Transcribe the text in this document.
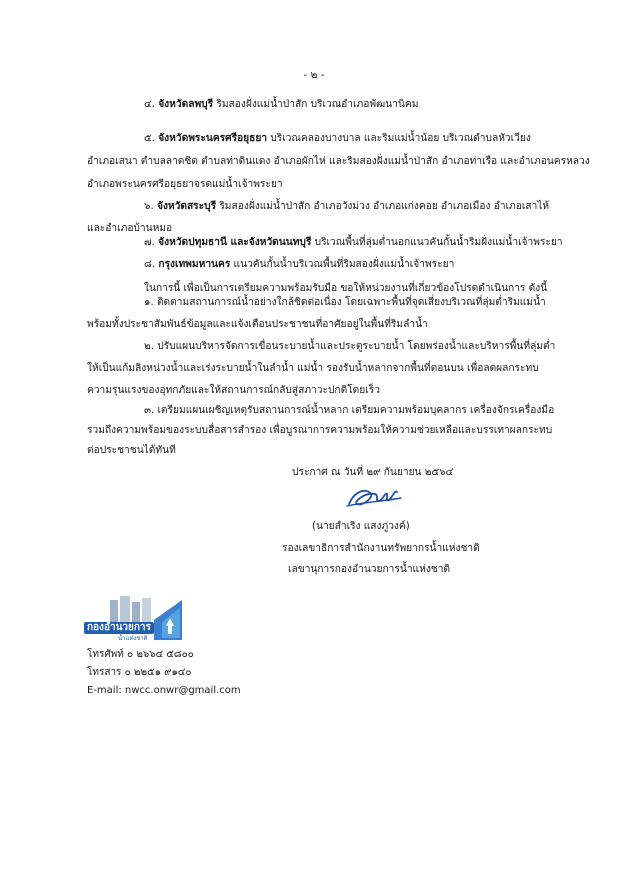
- ๒ -
๔. จังหวัดลพบุรี ริมสองฝั่งแม่น้ำป่าสัก บริเวณอำเภอพัฒนานิคม
๕. จังหวัดพระนครศรีอยุธยา บริเวณคลองบางบาล และริมแม่น้ำน้อย บริเวณตำบลหัวเวียง
อำเภอเสนา ตำบลลาดชิด ตำบลท่าดินแดง อำเภอผักไห่ และริมสองฝั่งแม่น้ำป่าสัก อำเภอท่าเรือ และอำเภอนครหลวง
อำเภอพระนครศรีอยุธยาจรดแม่น้ำเจ้าพระยา
๖. จังหวัดสระบุรี ริมสองฝั่งแม่น้ำป่าสัก อำเภอวังม่วง อำเภอแก่งคอย อำเภอเมือง อำเภอเสาไห้
และอำเภอบ้านหมอ
๗. จังหวัดปทุมธานี และจังหวัดนนทบุรี บริเวณพื้นที่ลุ่มต่ำนอกแนวคันกั้นน้ำริมฝั่งแม่น้ำเจ้าพระยา
๘. กรุงเทพมหานคร แนวคันกั้นน้ำบริเวณพื้นที่ริมสองฝั่งแม่น้ำเจ้าพระยา
ในการนี้ เพื่อเป็นการเตรียมความพร้อมรับมือ ขอให้หน่วยงานที่เกี่ยวข้องโปรดดำเนินการ ดังนี้
๑. ติดตามสถานการณ์น้ำอย่างใกล้ชิดต่อเนื่อง โดยเฉพาะพื้นที่จุดเสี่ยงบริเวณที่ลุ่มต่ำริมแม่น้ำ
พร้อมทั้งประชาสัมพันธ์ข้อมูลและแจ้งเตือนประชาชนที่อาศัยอยู่ในพื้นที่ริมลำน้ำ
๒. ปรับแผนบริหารจัดการเขื่อนระบายน้ำและประตูระบายน้ำ โดยพร่องน้ำและบริหารพื้นที่ลุ่มต่ำ
ให้เป็นแก้มลิงหน่วงน้ำและเร่งระบายน้ำในลำน้ำ แม่น้ำ รองรับน้ำหลากจากพื้นที่ตอนบน เพื่อลดผลกระทบ
ความรุนแรงของอุทกภัยและให้สถานการณ์กลับสู่สภาวะปกติโดยเร็ว
๓. เตรียมแผนเผชิญเหตุรับสถานการณ์น้ำหลาก เตรียมความพร้อมบุคลากร เครื่องจักรเครื่องมือ
รวมถึงความพร้อมของระบบสื่อสารสำรอง เพื่อบูรณาการความพร้อมให้ความช่วยเหลือและบรรเทาผลกระทบ
ต่อประชาชนได้ทันที
ประกาศ ณ วันที่ ๒๙ กันยายน ๒๕๖๔
(นายสำเริง แสงภู่วงค์)
รองเลขาธิการสำนักงานทรัพยากรน้ำแห่งชาติ
เลขานุการกองอำนวยการน้ำแห่งชาติ
กองอำนวยการ
น้ำแห่งชาติ
โทรศัพท์ ๐ ๒๖๖๔ ๕๘๐๐
โทรสาร ๐ ๒๒๕๑ ๙๑๔๐
E-mail: nwcc.onwr@gmail.com
